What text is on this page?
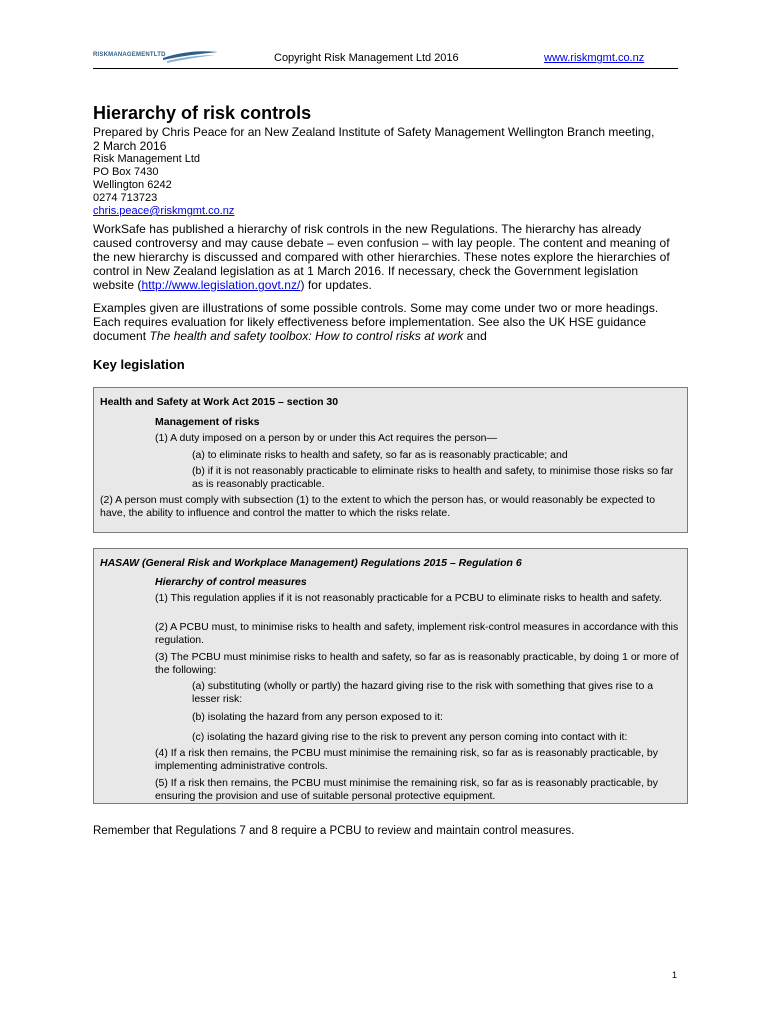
RISKMANAGEMENTLTD	Copyright Risk Management Ltd 2016	www.riskmgmt.co.nz
Hierarchy of risk controls
Prepared by Chris Peace for an New Zealand Institute of Safety Management Wellington Branch meeting, 2 March 2016
Risk Management Ltd
PO Box 7430
Wellington 6242
0274 713723
chris.peace@riskmgmt.co.nz
WorkSafe has published a hierarchy of risk controls in the new Regulations. The hierarchy has already caused controversy and may cause debate – even confusion – with lay people. The content and meaning of the new hierarchy is discussed and compared with other hierarchies. These notes explore the hierarchies of control in New Zealand legislation as at 1 March 2016. If necessary, check the Government legislation website (http://www.legislation.govt.nz/) for updates.
Examples given are illustrations of some possible controls. Some may come under two or more headings. Each requires evaluation for likely effectiveness before implementation. See also the UK HSE guidance document The health and safety toolbox: How to control risks at work and
Key legislation
Health and Safety at Work Act 2015 – section 30
Management of risks
(1) A duty imposed on a person by or under this Act requires the person—
(a) to eliminate risks to health and safety, so far as is reasonably practicable; and
(b) if it is not reasonably practicable to eliminate risks to health and safety, to minimise those risks so far as is reasonably practicable.
(2) A person must comply with subsection (1) to the extent to which the person has, or would reasonably be expected to have, the ability to influence and control the matter to which the risks relate.
HASAW (General Risk and Workplace Management) Regulations 2015 – Regulation 6
Hierarchy of control measures
(1) This regulation applies if it is not reasonably practicable for a PCBU to eliminate risks to health and safety.
(2) A PCBU must, to minimise risks to health and safety, implement risk-control measures in accordance with this regulation.
(3) The PCBU must minimise risks to health and safety, so far as is reasonably practicable, by doing 1 or more of the following:
(a) substituting (wholly or partly) the hazard giving rise to the risk with something that gives rise to a lesser risk:
(b) isolating the hazard from any person exposed to it:
(c) isolating the hazard giving rise to the risk to prevent any person coming into contact with it:
(4) If a risk then remains, the PCBU must minimise the remaining risk, so far as is reasonably practicable, by implementing administrative controls.
(5) If a risk then remains, the PCBU must minimise the remaining risk, so far as is reasonably practicable, by ensuring the provision and use of suitable personal protective equipment.
Remember that Regulations 7 and 8 require a PCBU to review and maintain control measures.
1
